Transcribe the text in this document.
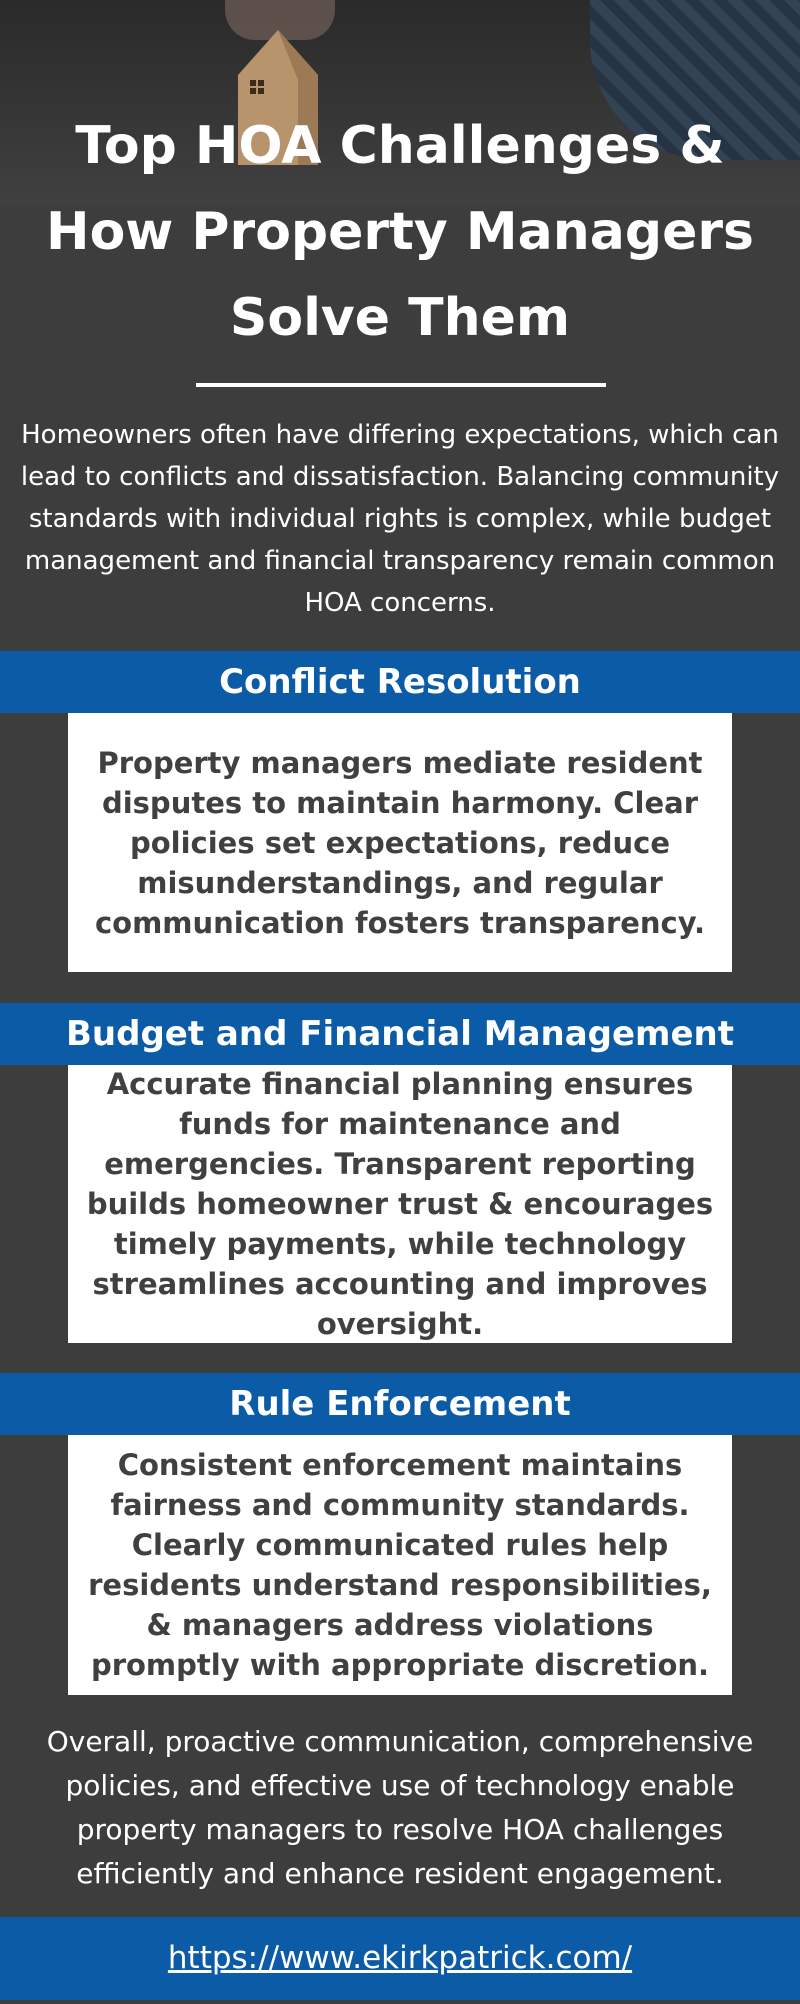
Top HOA Challenges &
How Property Managers
Solve Them

Homeowners often have differing expectations, which can lead to conflicts and dissatisfaction. Balancing community standards with individual rights is complex, while budget management and financial transparency remain common HOA concerns.

Conflict Resolution

Property managers mediate resident disputes to maintain harmony. Clear policies set expectations, reduce misunderstandings, and regular communication fosters transparency.

Budget and Financial Management

Accurate financial planning ensures funds for maintenance and emergencies. Transparent reporting builds homeowner trust & encourages timely payments, while technology streamlines accounting and improves oversight.

Rule Enforcement

Consistent enforcement maintains fairness and community standards. Clearly communicated rules help residents understand responsibilities, & managers address violations promptly with appropriate discretion.

Overall, proactive communication, comprehensive policies, and effective use of technology enable property managers to resolve HOA challenges efficiently and enhance resident engagement.

https://www.ekirkpatrick.com/
